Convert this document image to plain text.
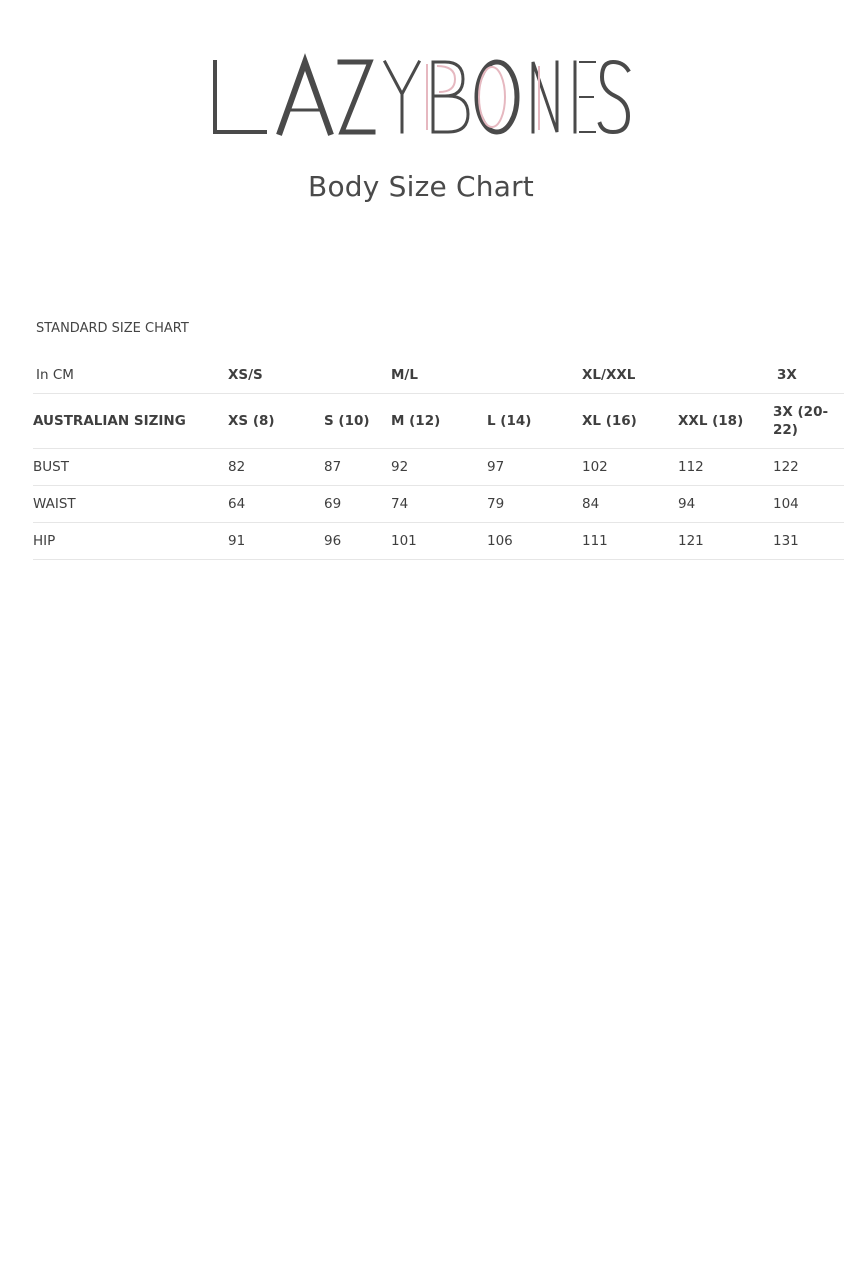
Body Size Chart
STANDARD SIZE CHART
In CM	XS/S		M/L		XL/XXL		3X
AUSTRALIAN SIZING	XS (8)	S (10)	M (12)	L (14)	XL (16)	XXL (18)	3X (20-22)
BUST	82	87	92	97	102	112	122
WAIST	64	69	74	79	84	94	104
HIP	91	96	101	106	111	121	131
